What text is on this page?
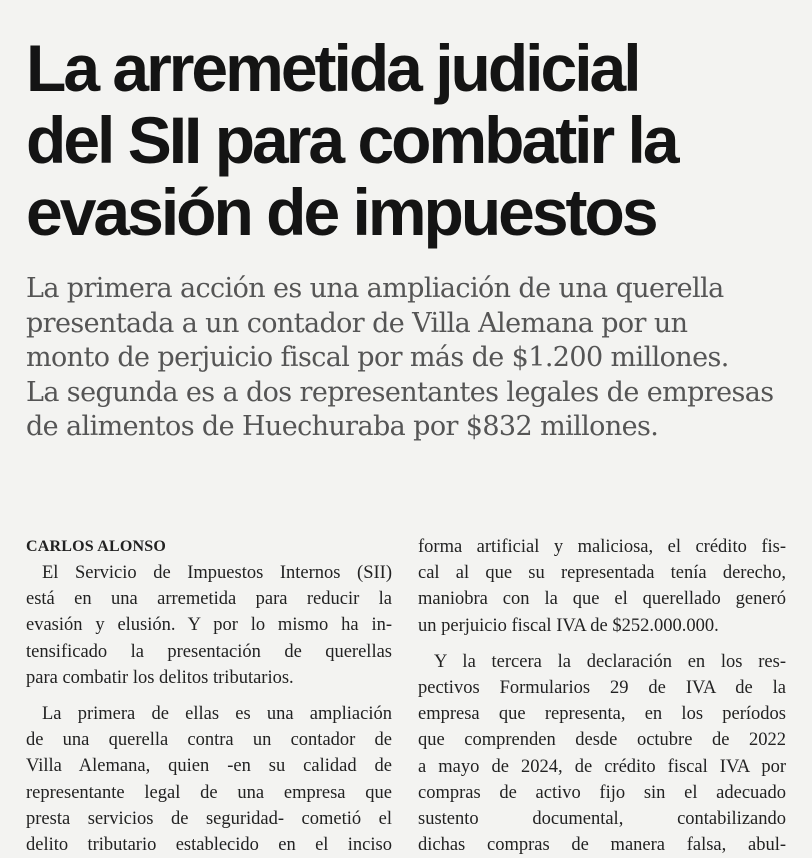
La arremetida judicial
del SII para combatir la
evasión de impuestos
La primera acción es una ampliación de una querella
presentada a un contador de Villa Alemana por un
monto de perjuicio fiscal por más de $1.200 millones.
La segunda es a dos representantes legales de empresas
de alimentos de Huechuraba por $832 millones.
CARLOS ALONSO
El Servicio de Impuestos Internos (SII)
está en una arremetida para reducir la
evasión y elusión. Y por lo mismo ha in-
tensificado la presentación de querellas
para combatir los delitos tributarios.
La primera de ellas es una ampliación
de una querella contra un contador de
Villa Alemana, quien -en su calidad de
representante legal de una empresa que
presta servicios de seguridad- cometió el
delito tributario establecido en el inciso
forma artificial y maliciosa, el crédito fis-
cal al que su representada tenía derecho,
maniobra con la que el querellado generó
un perjuicio fiscal IVA de $252.000.000.
Y la tercera la declaración en los res-
pectivos Formularios 29 de IVA de la
empresa que representa, en los períodos
que comprenden desde octubre de 2022
a mayo de 2024, de crédito fiscal IVA por
compras de activo fijo sin el adecuado
sustento documental, contabilizando
dichas compras de manera falsa, abul-
